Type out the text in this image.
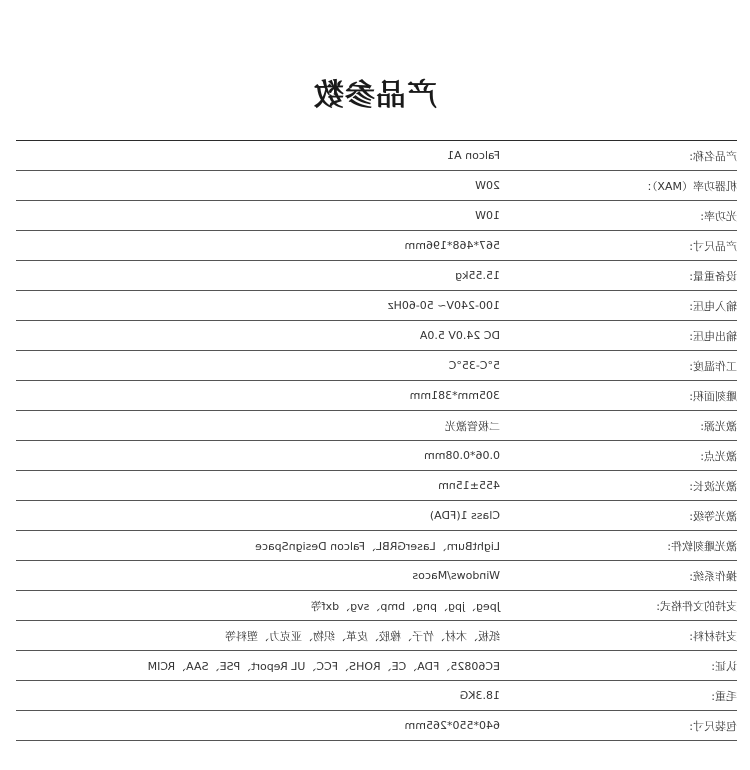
产品参数
产品名称:
Falcon A1
机器功率（MAX）：
20W
光功率:
10W
产品尺寸:
567*468*196mm
设备重量:
15.55kg
输入电压:
100-240V~ 50-60Hz
输出电压:
DC 24.0V 5.0A
工作温度:
5°C-35°C
雕刻面积:
305mm*381mm
激光源:
二极管激光
激光点:
0.06*0.08mm
激光波长:
455±15nm
激光等级:
Class 1(FDA)
激光雕刻软件:
LightBurn、LaserGRBL、Falcon DesignSpace
操作系统:
Windows/Macos
支持的文件格式:
Jpeg、jpg、png、bmp、svg、dxf等
支持材料:
纸板、木材、竹子、橡胶、皮革、织物、亚克力、塑料等
认证:
EC60825、FDA、CE、ROHS、FCC、UL Report、PSE、SAA、RCIM
毛重:
18.3KG
包装尺寸:
640*550*265mm
